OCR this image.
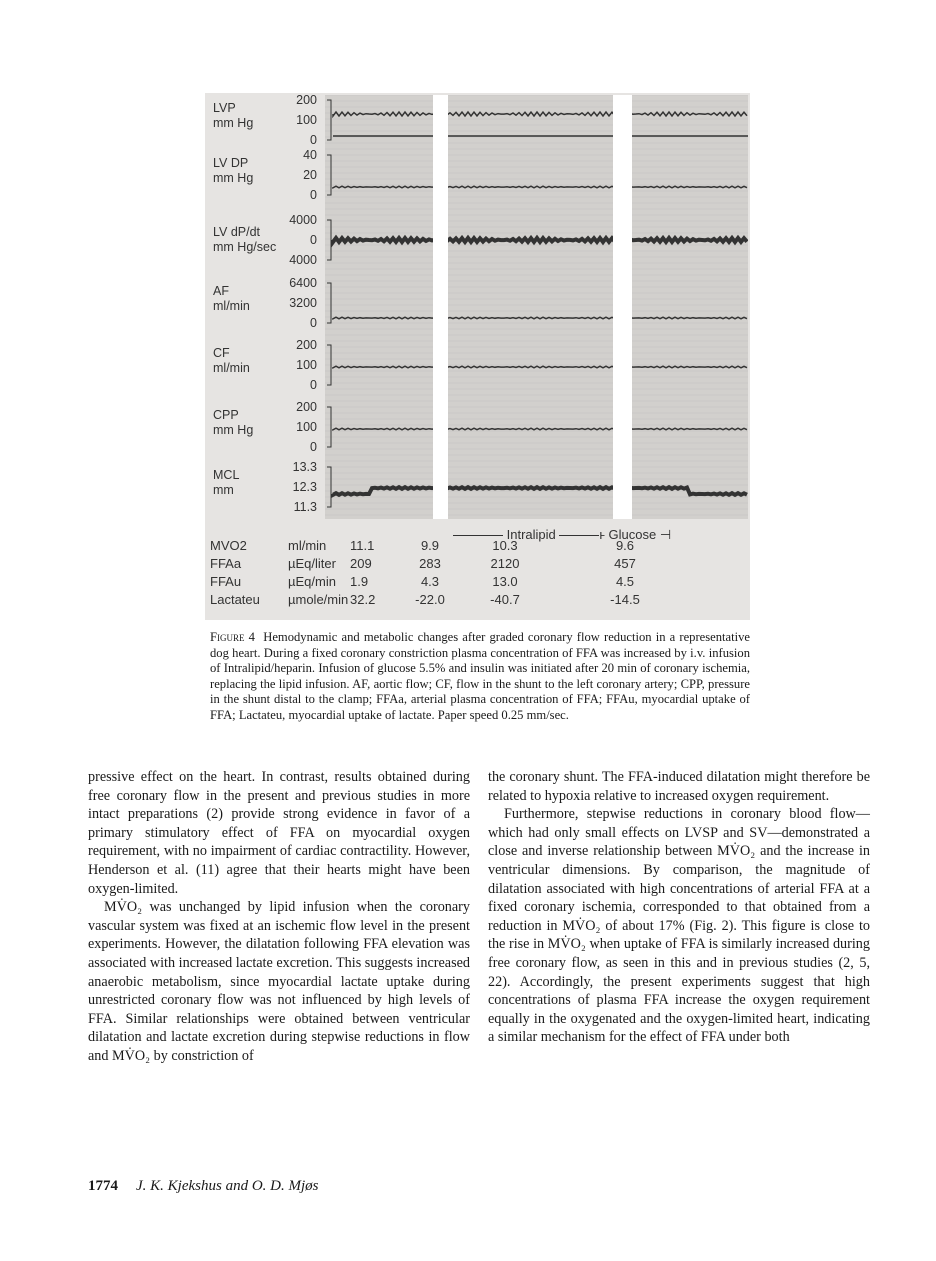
LVP
mm Hg
200
100
0
LV DP
mm Hg
40
20
0
LV dP/dt
mm Hg/sec
4000
0
4000
AF
ml/min
6400
3200
0
CF
ml/min
200
100
0
CPP
mm Hg
200
100
0
MCL
mm
13.3
12.3
11.3
Intralipid	ⱶ Glucose ⊣
MVO2	ml/min 11.1	9.9	10.3	9.6
FFAa	µEq/liter 209	283	2120	457
FFAu	µEq/min 1.9	4.3	13.0	4.5
Lactateu µmole/min 32.2	-22.0	-40.7	-14.5
Figure 4 Hemodynamic and metabolic changes after graded coronary flow reduction in a representative dog heart. During a fixed coronary constriction plasma concentration of FFA was increased by i.v. infusion of Intralipid/heparin. Infusion of glucose 5.5% and insulin was initiated after 20 min of coronary ischemia, replacing the lipid infusion. AF, aortic flow; CF, flow in the shunt to the left coronary artery; CPP, pressure in the shunt distal to the clamp; FFAa, arterial plasma concentration of FFA; FFAu, myocardial uptake of FFA; Lactateu, myocardial uptake of lactate. Paper speed 0.25 mm/sec.

pressive effect on the heart. In contrast, results obtained during free coronary flow in the present and previous studies in more intact preparations (2) provide strong evidence in favor of a primary stimulatory effect of FFA on myocardial oxygen requirement, with no impairment of cardiac contractility. However, Henderson et al. (11) agree that their hearts might have been oxygen-limited.

MV̇O₂ was unchanged by lipid infusion when the coronary vascular system was fixed at an ischemic flow level in the present experiments. However, the dilatation following FFA elevation was associated with increased lactate excretion. This suggests increased anaerobic metabolism, since myocardial lactate uptake during unrestricted coronary flow was not influenced by high levels of FFA. Similar relationships were obtained between ventricular dilatation and lactate excretion during stepwise reductions in flow and MV̇O₂ by constriction of

the coronary shunt. The FFA-induced dilatation might therefore be related to hypoxia relative to increased oxygen requirement.

Furthermore, stepwise reductions in coronary blood flow—which had only small effects on LVSP and SV—demonstrated a close and inverse relationship between MV̇O₂ and the increase in ventricular dimensions. By comparison, the magnitude of dilatation associated with high concentrations of arterial FFA at a fixed coronary ischemia, corresponded to that obtained from a reduction in MV̇O₂ of about 17% (Fig. 2). This figure is close to the rise in MV̇O₂ when uptake of FFA is similarly increased during free coronary flow, as seen in this and in previous studies (2, 5, 22). Accordingly, the present experiments suggest that high concentrations of plasma FFA increase the oxygen requirement equally in the oxygenated and the oxygen-limited heart, indicating a similar mechanism for the effect of FFA under both

1774 J. K. Kjekshus and O. D. Mjøs
